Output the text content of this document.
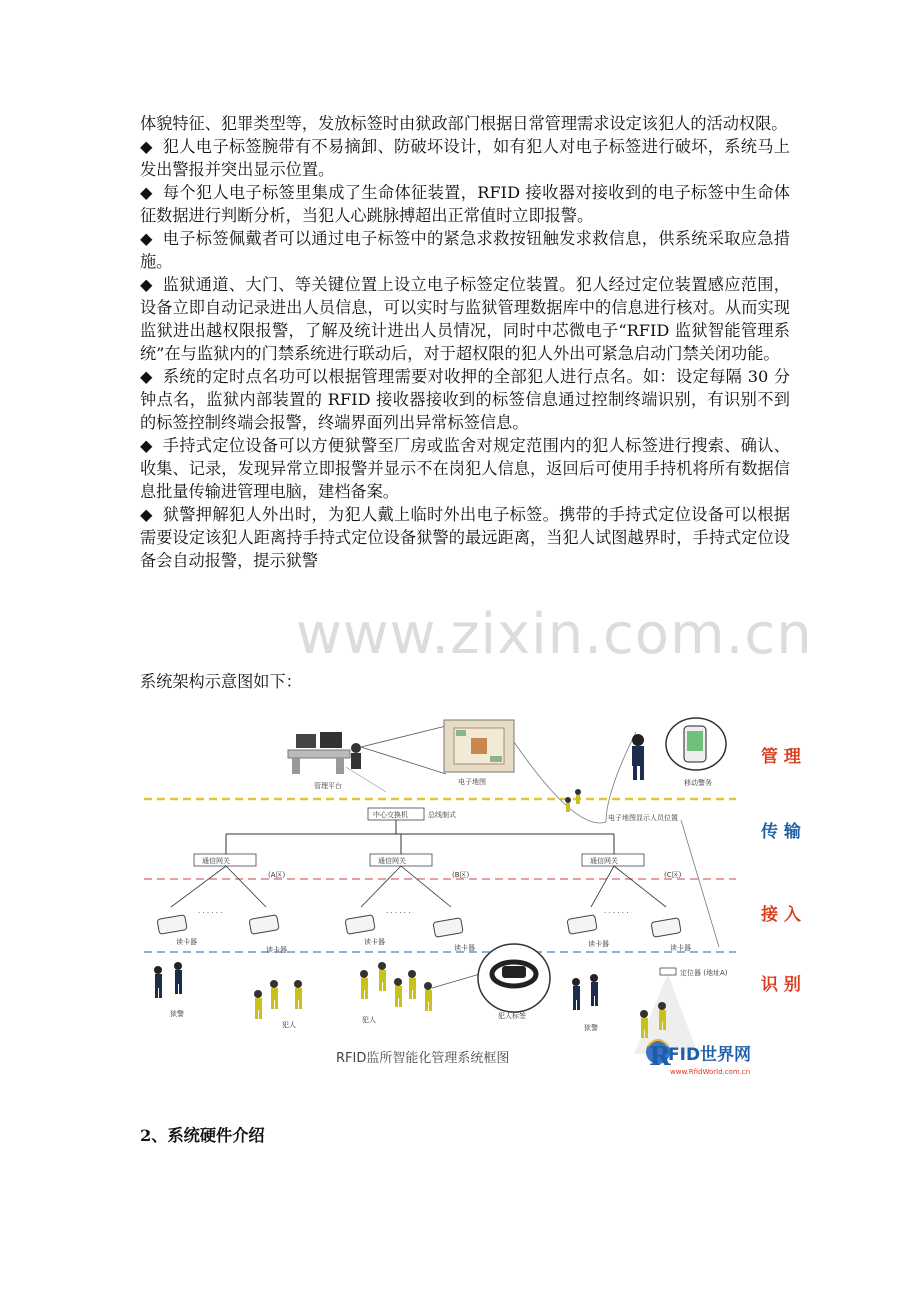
www.zixin.com.cn

体貌特征、犯罪类型等，发放标签时由狱政部门根据日常管理需求设定该犯人的活动权限。

◆ 犯人电子标签腕带有不易摘卸、防破坏设计，如有犯人对电子标签进行破坏，系统马上发出警报并突出显示位置。

◆ 每个犯人电子标签里集成了生命体征装置，RFID 接收器对接收到的电子标签中生命体征数据进行判断分析，当犯人心跳脉搏超出正常值时立即报警。

◆ 电子标签佩戴者可以通过电子标签中的紧急求救按钮触发求救信息，供系统采取应急措施。

◆ 监狱通道、大门、等关键位置上设立电子标签定位装置。犯人经过定位装置感应范围，设备立即自动记录进出人员信息，可以实时与监狱管理数据库中的信息进行核对。从而实现监狱进出越权限报警，了解及统计进出人员情况，同时中芯微电子“RFID 监狱智能管理系统”在与监狱内的门禁系统进行联动后，对于超权限的犯人外出可紧急启动门禁关闭功能。

◆ 系统的定时点名功可以根据管理需要对收押的全部犯人进行点名。如：设定每隔 30 分钟点名，监狱内部装置的 RFID 接收器接收到的标签信息通过控制终端识别，有识别不到的标签控制终端会报警，终端界面列出异常标签信息。

◆ 手持式定位设备可以方便狱警至厂房或监舍对规定范围内的犯人标签进行搜索、确认、收集、记录，发现异常立即报警并显示不在岗犯人信息，返回后可使用手持机将所有数据信息批量传输进管理电脑，建档备案。

◆ 狱警押解犯人外出时，为犯人戴上临时外出电子标签。携带的手持式定位设备可以根据需要设定该犯人距离持手持式定位设备狱警的最远距离，当犯人试图越界时，手持式定位设备会自动报警，提示狱警

系统架构示意图如下：
管 理
传 输
接 入
识 别
管理平台	电子地图	移动警务
电子地图显示人员位置
中心交换机	总线制式
通信网关
(A区)
通信网关
(B区)
通信网关
(C区)
读卡器
· · · · · ·
读卡器
读卡器
· · · · · ·
读卡器	读卡器
· · · · · ·
读卡器
狱警
犯人
犯人	犯人标签
狱警
定位器 (地址A)
RFID监所智能化管理系统框图	R
FID世界网
www.RfidWorld.com.cn
2、系统硬件介绍
